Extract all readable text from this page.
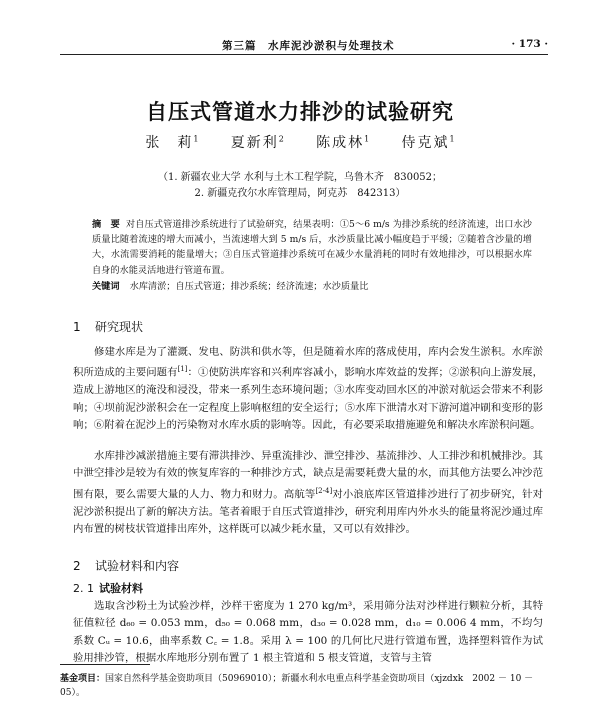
第三篇　水库泥沙淤积与处理技术	· 173 ·
自压式管道水力排沙的试验研究
张　莉$^1$ 夏新利$^2$ 陈成林$^1$ 侍克斌$^1$
（1. 新疆农业大学 水利与土木工程学院，乌鲁木齐　830052；
2. 新疆克孜尔水库管理局，阿克苏　842313）
摘　要 对自压式管道排沙系统进行了试验研究，结果表明：①5～6 m/s 为排沙系统的经济流速，出口水沙质量比随着流速的增大而减小，当流速增大到 5 m/s 后，水沙质量比减小幅度趋于平缓；②随着含沙量的增大，水流需要消耗的能量增大；③自压式管道排沙系统可在减少水量消耗的同时有效地排沙，可以根据水库自身的水能灵活地进行管道布置。
关键词 水库清淤；自压式管道；排沙系统；经济流速；水沙质量比
1 研究现状
修建水库是为了灌溉、发电、防洪和供水等，但是随着水库的落成使用，库内会发生淤积。水库淤积所造成的主要问题有[1]：①使防洪库容和兴利库容减小，影响水库效益的发挥；②淤积向上游发展，造成上游地区的淹没和浸没，带来一系列生态环境问题；③水库变动回水区的冲淤对航运会带来不利影响；④坝前泥沙淤积会在一定程度上影响枢纽的安全运行；⑤水库下泄清水对下游河道冲刷和变形的影响；⑥附着在泥沙上的污染物对水库水质的影响等。因此，有必要采取措施避免和解决水库淤积问题。
水库排沙减淤措施主要有滞洪排沙、异重流排沙、泄空排沙、基流排沙、人工排沙和机械排沙。其中泄空排沙是较为有效的恢复库容的一种排沙方式，缺点是需要耗费大量的水，而其他方法要么冲沙范围有限，要么需要大量的人力、物力和财力。高航等[2-4]对小浪底库区管道排沙进行了初步研究，针对泥沙淤积提出了新的解决方法。笔者着眼于自压式管道排沙，研究利用库内外水头的能量将泥沙通过库内布置的树枝状管道排出库外，这样既可以减少耗水量，又可以有效排沙。
2 试验材料和内容
2. 1 试验材料
选取含沙粉土为试验沙样，沙样干密度为 1 270 kg/m³，采用筛分法对沙样进行颗粒分析，其特征值粒径 d₆₀ = 0.053 mm，d₅₀ = 0.068 mm，d₃₀ = 0.028 mm，d₁₀ = 0.006 4 mm，不均匀系数 Cᵤ = 10.6，曲率系数 C꜀ = 1.8。采用 λ = 100 的几何比尺进行管道布置，选择塑料管作为试验用排沙管，根据水库地形分别布置了 1 根主管道和 5 根支管道，支管与主管
基金项目：国家自然科学基金资助项目（50969010）；新疆水利水电重点科学基金资助项目（xjzdxk　2002 － 10 － 05）。
